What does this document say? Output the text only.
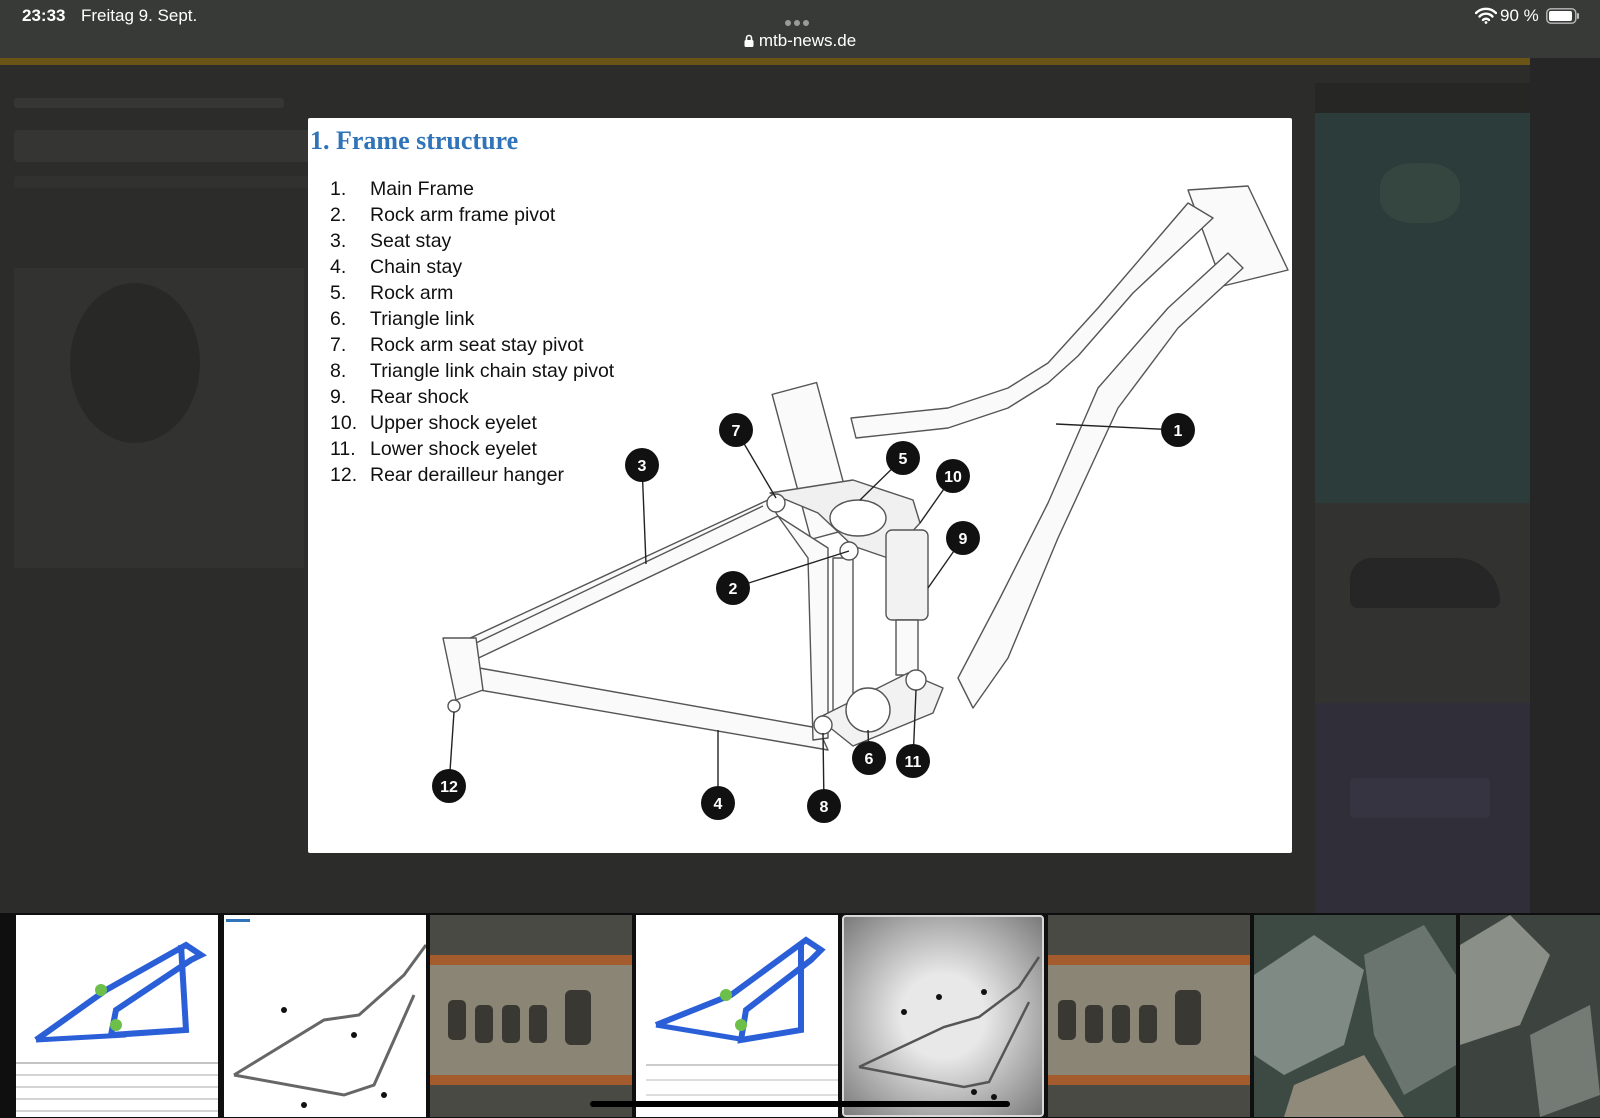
23:33 Freitag 9. Sept.
mtb-news.de
90 %
1. Frame structure
1. Main Frame
2. Rock arm frame pivot
3. Seat stay
4. Chain stay
5. Rock arm
6. Triangle link
7. Rock arm seat stay pivot
8. Triangle link chain stay pivot
9. Rear shock
10. Upper shock eyelet
11. Lower shock eyelet
12. Rear derailleur hanger
1
2
3
4
5
6
7
8
9
10
11
12
